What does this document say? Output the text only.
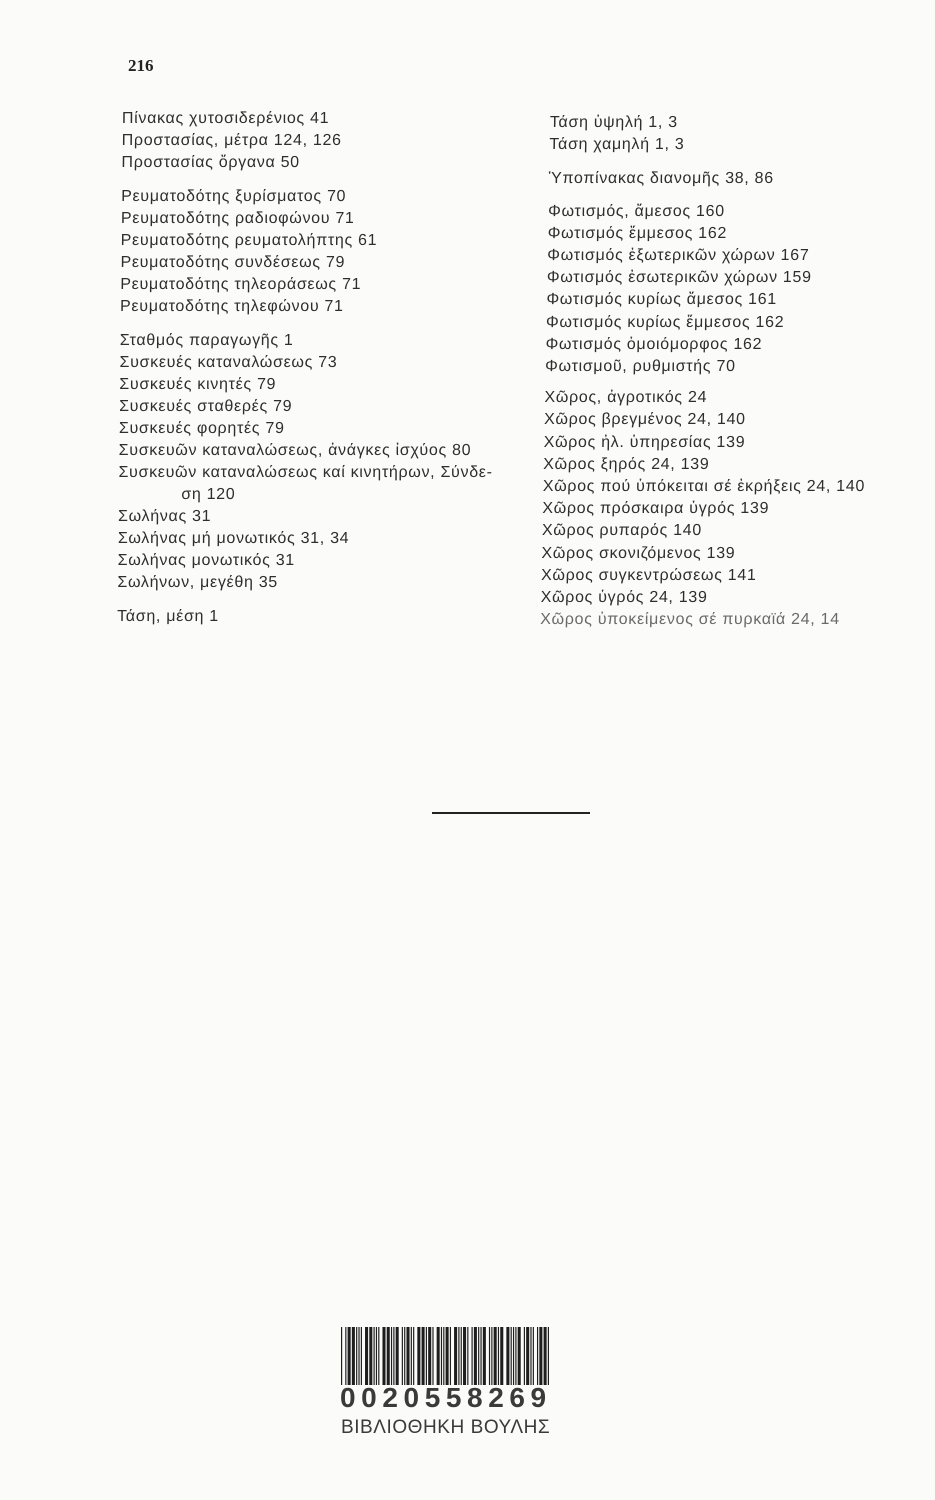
216
Πίνακας χυτοσιδερένιος 41
Προστασίας, μέτρα 124, 126
Προστασίας ὄργανα 50
Ρευματοδότης ξυρίσματος 70
Ρευματοδότης ραδιοφώνου 71
Ρευματοδότης ρευματολήπτης 61
Ρευματοδότης συνδέσεως 79
Ρευματοδότης τηλεοράσεως 71
Ρευματοδότης τηλεφώνου 71
Σταθμός παραγωγῆς 1
Συσκευές καταναλώσεως 73
Συσκευές κινητές 79
Συσκευές σταθερές 79
Συσκευές φορητές 79
Συσκευῶν καταναλώσεως, ἀνάγκες ἰσχύος 80
Συσκευῶν καταναλώσεως καί κινητήρων, Σύνδε-
ση 120
Σωλήνας 31
Σωλήνας μή μονωτικός 31, 34
Σωλήνας μονωτικός 31
Σωλήνων, μεγέθη 35
Τάση, μέση 1
Τάση ὑψηλή 1, 3
Τάση χαμηλή 1, 3
Ὑποπίνακας διανομῆς 38, 86
Φωτισμός, ἄμεσος 160
Φωτισμός ἔμμεσος 162
Φωτισμός ἐξωτερικῶν χώρων 167
Φωτισμός ἐσωτερικῶν χώρων 159
Φωτισμός κυρίως ἄμεσος 161
Φωτισμός κυρίως ἔμμεσος 162
Φωτισμός ὁμοιόμορφος 162
Φωτισμοῦ, ρυθμιστής 70
Χῶρος, ἀγροτικός 24
Χῶρος βρεγμένος 24, 140
Χῶρος ἠλ. ὑπηρεσίας 139
Χῶρος ξηρός 24, 139
Χῶρος πού ὑπόκειται σέ ἐκρήξεις 24, 140
Χῶρος πρόσκαιρα ὑγρός 139
Χῶρος ρυπαρός 140
Χῶρος σκονιζόμενος 139
Χῶρος συγκεντρώσεως 141
Χῶρος ὑγρός 24, 139
Χῶρος ὑποκείμενος σέ πυρκαϊά 24, 14
0020558269
ΒΙΒΛΙΟΘΗΚΗ ΒΟΥΛΗΣ
